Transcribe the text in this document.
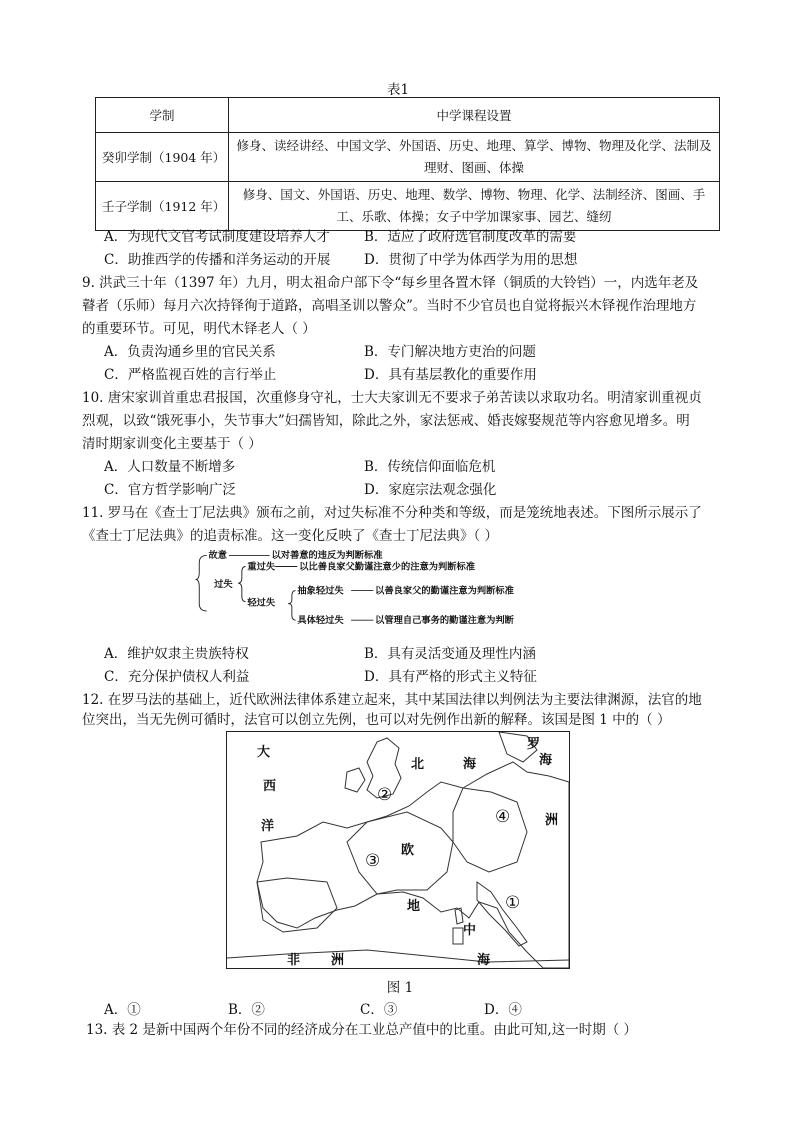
表1
学制	中学课程设置
癸卯学制（1904 年）	修身、读经讲经、中国文学、外国语、历史、地理、算学、博物、物理及化学、法制及理财、图画、体操
壬子学制（1912 年）	修身、国文、外国语、历史、地理、数学、博物、物理、化学、法制经济、图画、手工、乐歌、体操；女子中学加课家事、园艺、缝纫
A．为现代文官考试制度建设培养人才	B．适应了政府选官制度改革的需要
C．助推西学的传播和洋务运动的开展 D．贯彻了中学为体西学为用的思想
9. 洪武三十年（1397 年）九月，明太祖命户部下令“每乡里各置木铎（铜质的大铃铛）一，内选年老及
瞽者（乐师）每月六次持铎徇于道路，高唱圣训以警众”。当时不少官员也自觉将振兴木铎视作治理地方
的重要环节。可见，明代木铎老人（ ）
A．负责沟通乡里的官民关系	B．专门解决地方吏治的问题
C．严格监视百姓的言行举止	D．具有基层教化的重要作用
10. 唐宋家训首重忠君报国，次重修身守礼，士大夫家训无不要求子弟苦读以求取功名。明清家训重视贞
烈观，以致“饿死事小，失节事大”妇孺皆知，除此之外，家法惩戒、婚丧嫁娶规范等内容愈见增多。明
清时期家训变化主要基于（ ）
A．人口数量不断增多	B．传统信仰面临危机
C．官方哲学影响广泛	D．家庭宗法观念强化
11. 罗马在《查士丁尼法典》颁布之前，对过失标准不分种类和等级，而是笼统地表述。下图所示展示了
《查士丁尼法典》的追责标准。这一变化反映了《查士丁尼法典》（ ）
故意	以对善意的违反为判断标准
过失
重过失 以比善良家父勤谨注意少的注意为判断标准
轻过失
抽象轻过失	以善良家父的勤谨注意为判断标准
具体轻过失	以管理自己事务的勤谨注意为判断
A．维护奴隶主贵族特权	B．具有灵活变通及理性内涵
C．充分保护债权人利益	D．具有严格的形式主义特征
12. 在罗马法的基础上，近代欧洲法律体系建立起来，其中某国法律以判例法为主要法律渊源，法官的地
位突出，当无先例可循时，法官可以创立先例，也可以对先例作出新的解释。该国是图 1 中的（ ）
大
西
洋
北	海
欧
洲
地
中
海
非 洲
罗
海
①
②
③
④
图 1
A．①	B．②	C．③	D．④
13. 表 2 是新中国两个年份不同的经济成分在工业总产值中的比重。由此可知,这一时期（ ）
